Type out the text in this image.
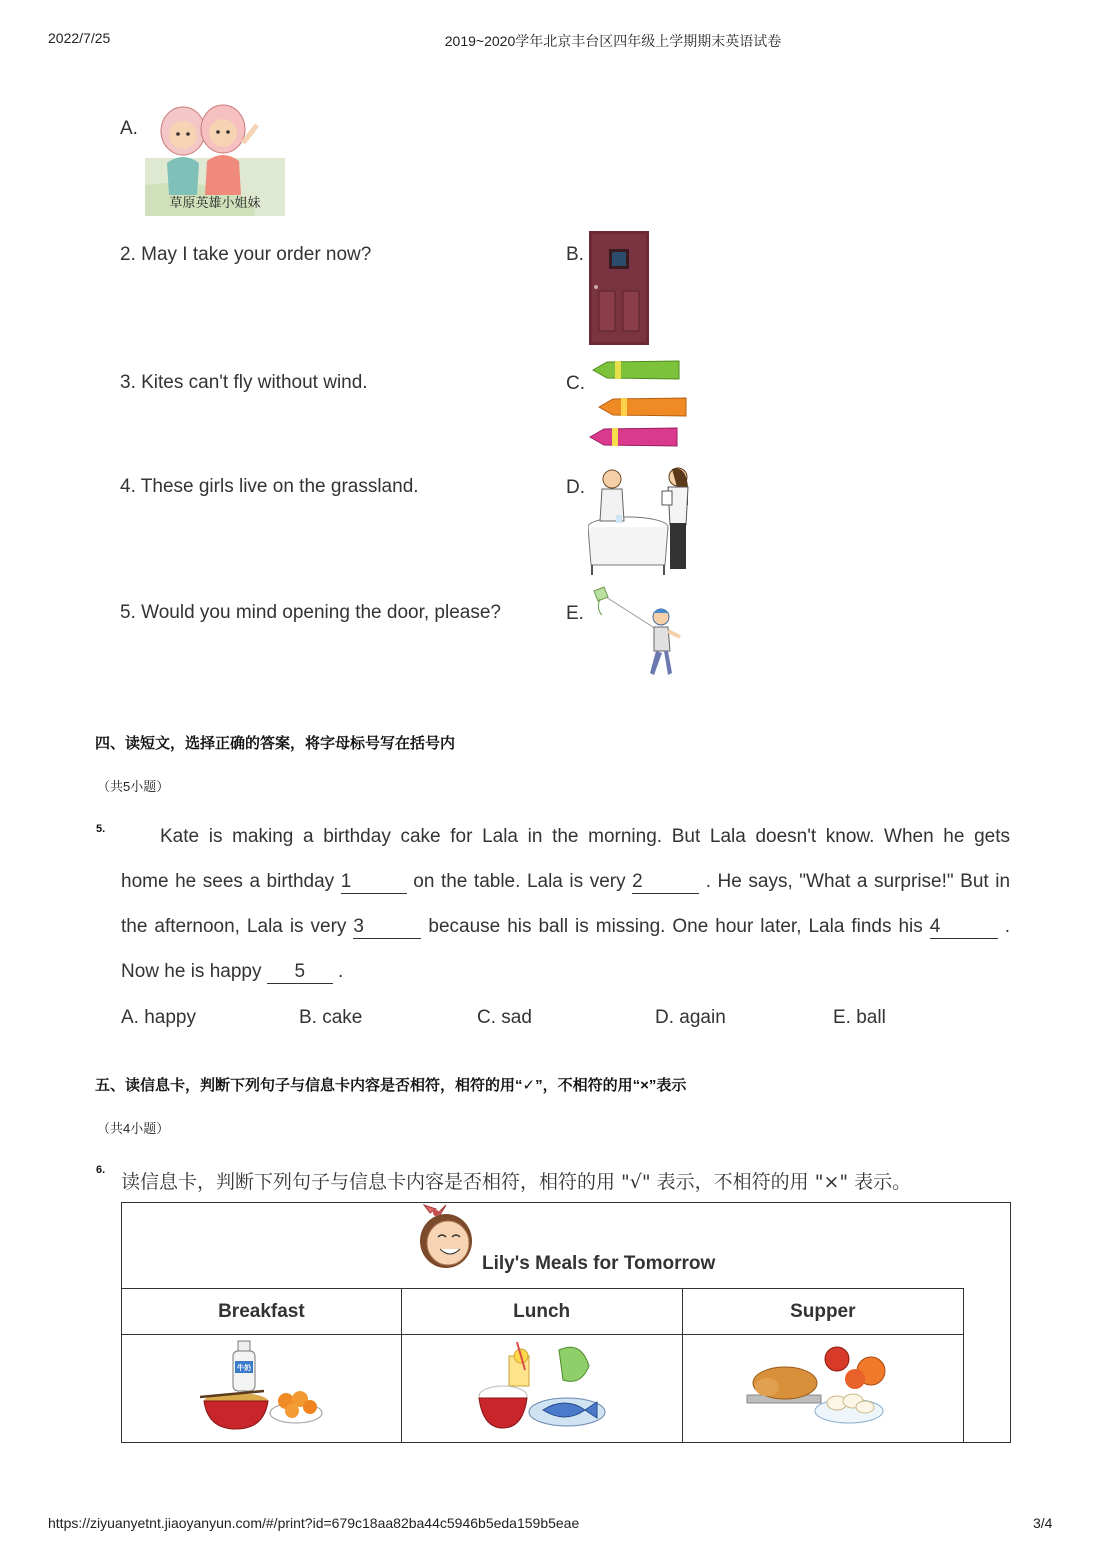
2022/7/25	2019~2020学年北京丰台区四年级上学期期末英语试卷
A.
草原英雄小姐妹
2. May I take your order now?	B.
3. Kites can't fly without wind.	C.
4. These girls live on the grassland.	D.
5. Would you mind opening the door, please?	E.
四、读短文，选择正确的答案，将字母标号写在括号内
（共5小题）
5.	Kate is making a birthday cake for Lala in the morning. But Lala doesn't know. When he gets
home he sees a birthday 1	on the table. Lala is very 2	. He says, "What a surprise!" But in
the afternoon, Lala is very 3	because his ball is missing. One hour later, Lala finds his 4	.
Now he is happy 5 .
A. happy	B. cake	C. sad	D. again	E. ball
五、读信息卡，判断下列句子与信息卡内容是否相符，相符的用“✓”，不相符的用“×”表示
（共4小题）
6.
读信息卡，判断下列句子与信息卡内容是否相符，相符的用 "√" 表示，不相符的用 "×" 表示。
Lily's Meals for Tomorrow
Breakfast	Lunch	Supper

牛奶

https://ziyuanyetnt.jiaoyanyun.com/#/print?id=679c18aa82ba44c5946b5eda159b5eae	3/4
